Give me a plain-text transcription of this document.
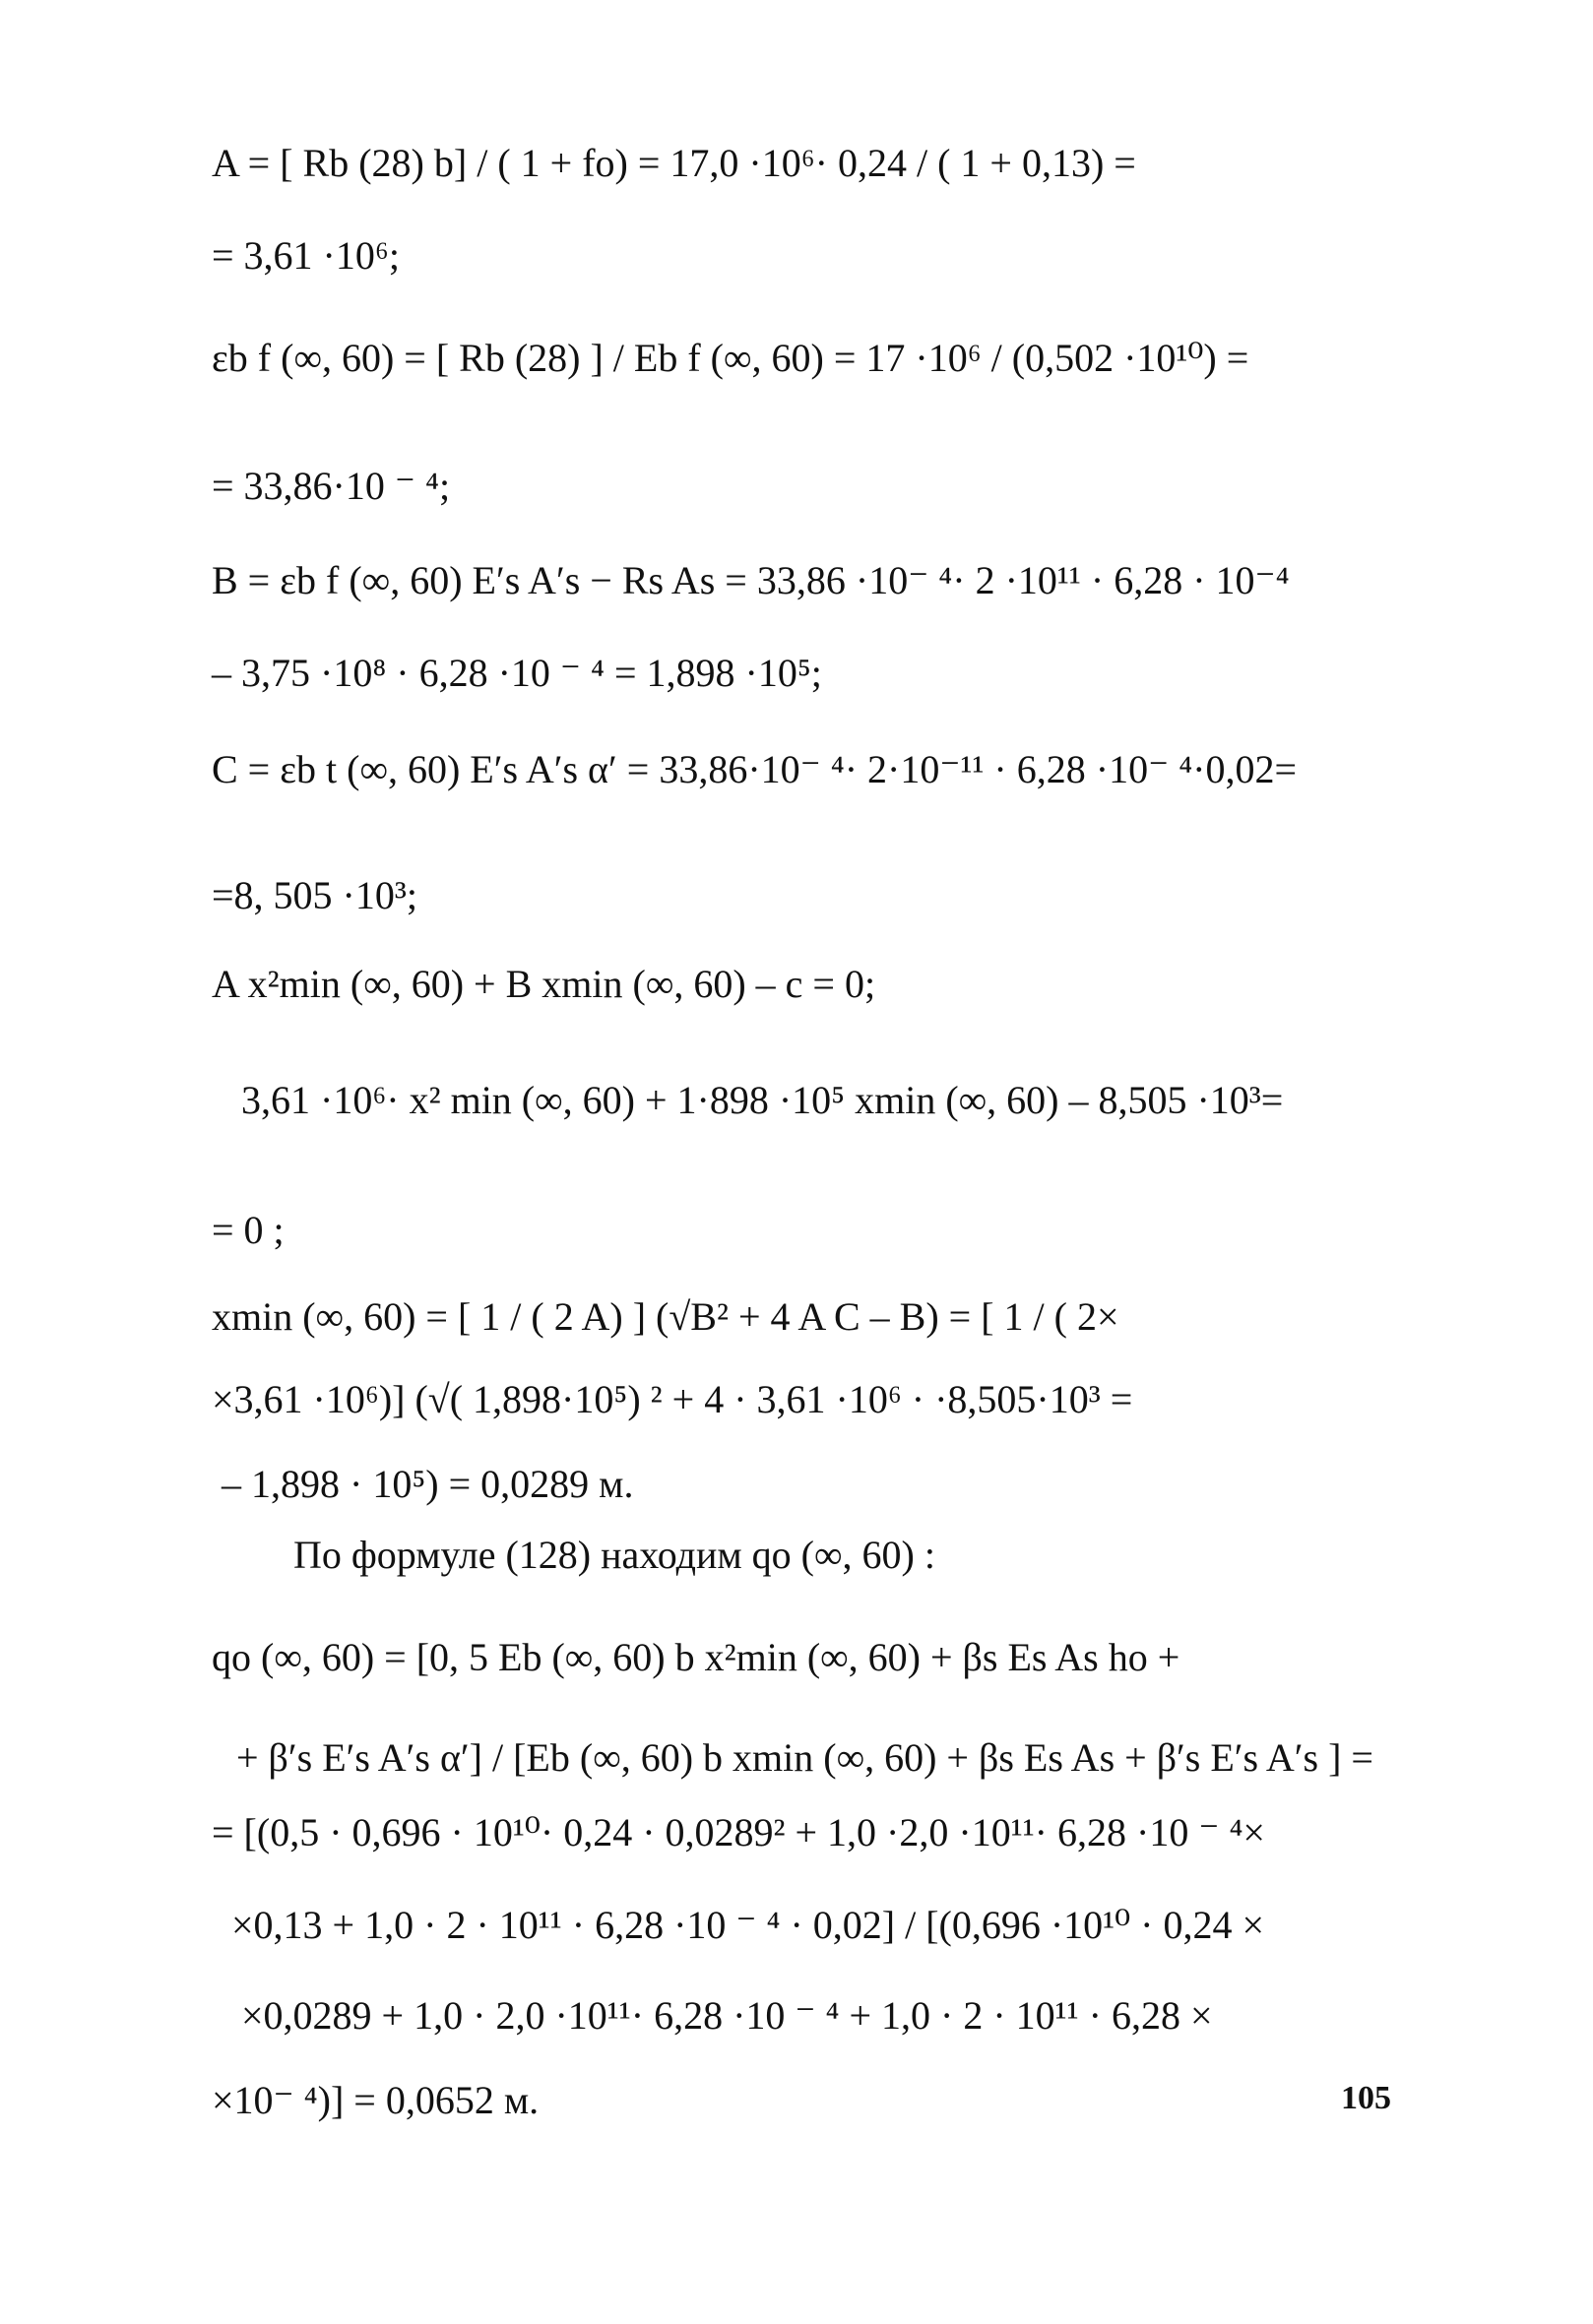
A = [ Rb (28) b] / ( 1 + fo) = 17,0 ·10⁶· 0,24 / ( 1 + 0,13) =
= 3,61 ·10⁶;
εb f (∞, 60) = [ Rb (28) ] / Eb f (∞, 60) = 17 ·10⁶ / (0,502 ·10¹⁰) =
= 33,86·10 ⁻ ⁴;
B = εb f (∞, 60) E′s A′s − Rs As = 33,86 ·10⁻ ⁴· 2 ·10¹¹ · 6,28 · 10⁻⁴
– 3,75 ·10⁸ · 6,28 ·10 ⁻ ⁴ = 1,898 ·10⁵;
C = εb t (∞, 60) E′s A′s α′ = 33,86·10⁻ ⁴· 2·10⁻¹¹ · 6,28 ·10⁻ ⁴·0,02=
=8, 505 ·10³;
A x²min (∞, 60) + B xmin (∞, 60) – c = 0;
3,61 ·10⁶· x² min (∞, 60) + 1·898 ·10⁵ xmin (∞, 60) – 8,505 ·10³=
= 0 ;
xmin (∞, 60) = [ 1 / ( 2 A) ] (√B² + 4 A C – B) = [ 1 / ( 2×
×3,61 ·10⁶)] (√( 1,898·10⁵) ² + 4 · 3,61 ·10⁶ · ·8,505·10³ =
– 1,898 · 10⁵) = 0,0289 м.
По формуле (128) находим qo (∞, 60) :
qo (∞, 60) = [0, 5 Eb (∞, 60) b x²min (∞, 60) + βs Es As ho +
+ β′s E′s A′s α′] / [Eb (∞, 60) b xmin (∞, 60) + βs Es As + β′s E′s A′s ] =
= [(0,5 · 0,696 · 10¹⁰· 0,24 · 0,0289² + 1,0 ·2,0 ·10¹¹· 6,28 ·10 ⁻ ⁴×
×0,13 + 1,0 · 2 · 10¹¹ · 6,28 ·10 ⁻ ⁴ · 0,02] / [(0,696 ·10¹⁰ · 0,24 ×
×0,0289 + 1,0 · 2,0 ·10¹¹· 6,28 ·10 ⁻ ⁴ + 1,0 · 2 · 10¹¹ · 6,28 ×
×10⁻ ⁴)] = 0,0652 м.	105
